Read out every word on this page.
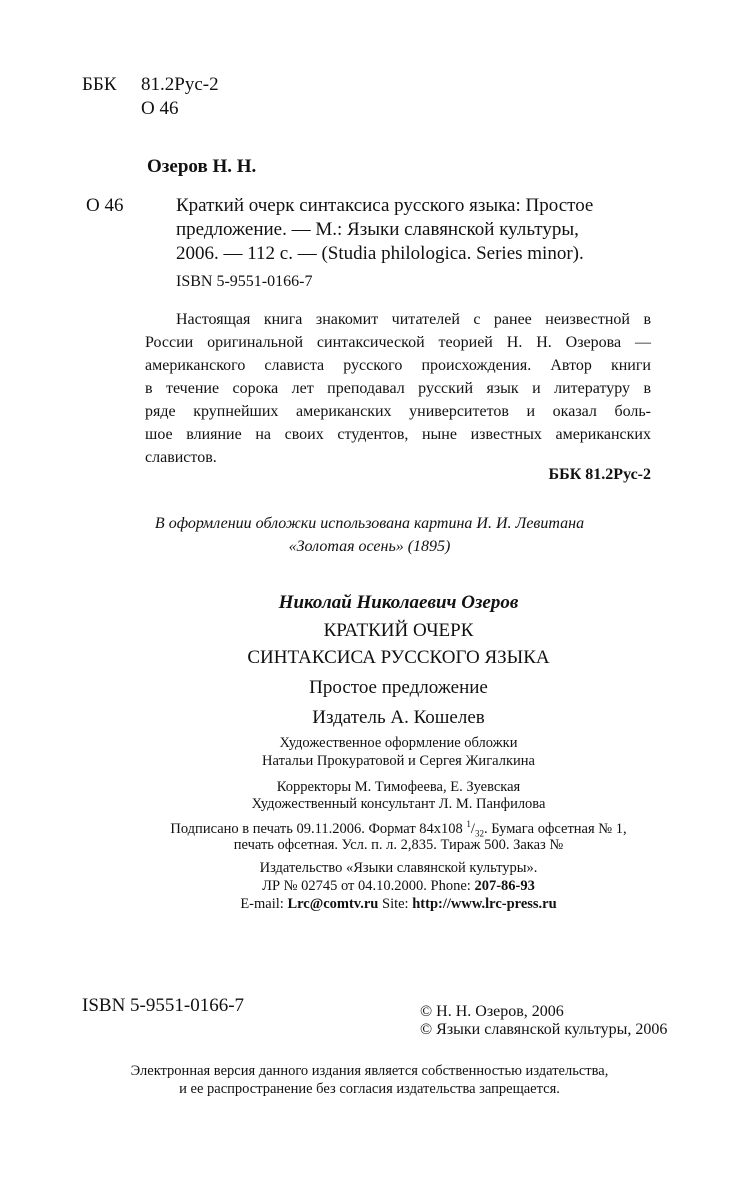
ББК 81.2Рус-2
О 46
Озеров Н. Н.
О 46	Краткий очерк синтаксиса русского языка: Простое
предложение. — М.: Языки славянской культуры,
2006. — 112 с. — (Studia philologica. Series minor).
ISBN 5-9551-0166-7
Настоящая книга знакомит читателей с ранее неизвестной в
России оригинальной синтаксической теорией Н. Н. Озерова —
американского слависта русского происхождения. Автор книги
в течение сорока лет преподавал русский язык и литературу в
ряде крупнейших американских университетов и оказал боль-
шое влияние на своих студентов, ныне известных американских
славистов.
ББК 81.2Рус-2
В оформлении обложки использована картина И. И. Левитана
«Золотая осень» (1895)
Николай Николаевич Озеров
КРАТКИЙ ОЧЕРК
СИНТАКСИСА РУССКОГО ЯЗЫКА
Простое предложение
Издатель А. Кошелев
Художественное оформление обложки
Натальи Прокуратовой и Сергея Жигалкина
Корректоры М. Тимофеева, Е. Зуевская
Художественный консультант Л. М. Панфилова
Подписано в печать 09.11.2006. Формат 84х108 $^1/_{32}$. Бумага офсетная № 1,
печать офсетная. Усл. п. л. 2,835. Тираж 500. Заказ №
Издательство «Языки славянской культуры».
ЛР № 02745 от 04.10.2000. Phone: 207-86-93
E-mail: Lrc@comtv.ru Site: http://www.lrc-press.ru
ISBN 5-9551-0166-7	© Н. Н. Озеров, 2006
© Языки славянской культуры, 2006
Электронная версия данного издания является собственностью издательства,
и ее распространение без согласия издательства запрещается.
